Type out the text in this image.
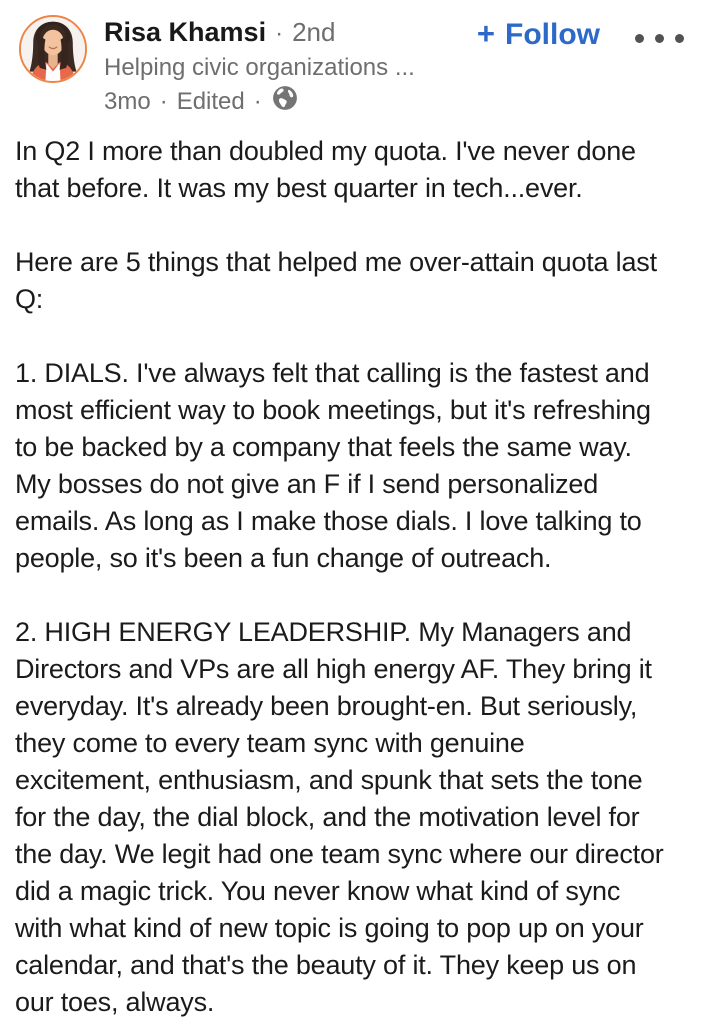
Risa Khamsi · 2nd
Helping civic organizations ...
3mo · Edited ·
+ Follow

In Q2 I more than doubled my quota. I've never done
that before. It was my best quarter in tech...ever.

Here are 5 things that helped me over-attain quota last
Q:

1. DIALS. I've always felt that calling is the fastest and
most efficient way to book meetings, but it's refreshing
to be backed by a company that feels the same way.
My bosses do not give an F if I send personalized
emails. As long as I make those dials. I love talking to
people, so it's been a fun change of outreach.

2. HIGH ENERGY LEADERSHIP. My Managers and
Directors and VPs are all high energy AF. They bring it
everyday. It's already been brought-en. But seriously,
they come to every team sync with genuine
excitement, enthusiasm, and spunk that sets the tone
for the day, the dial block, and the motivation level for
the day. We legit had one team sync where our director
did a magic trick. You never know what kind of sync
with what kind of new topic is going to pop up on your
calendar, and that's the beauty of it. They keep us on
our toes, always.
